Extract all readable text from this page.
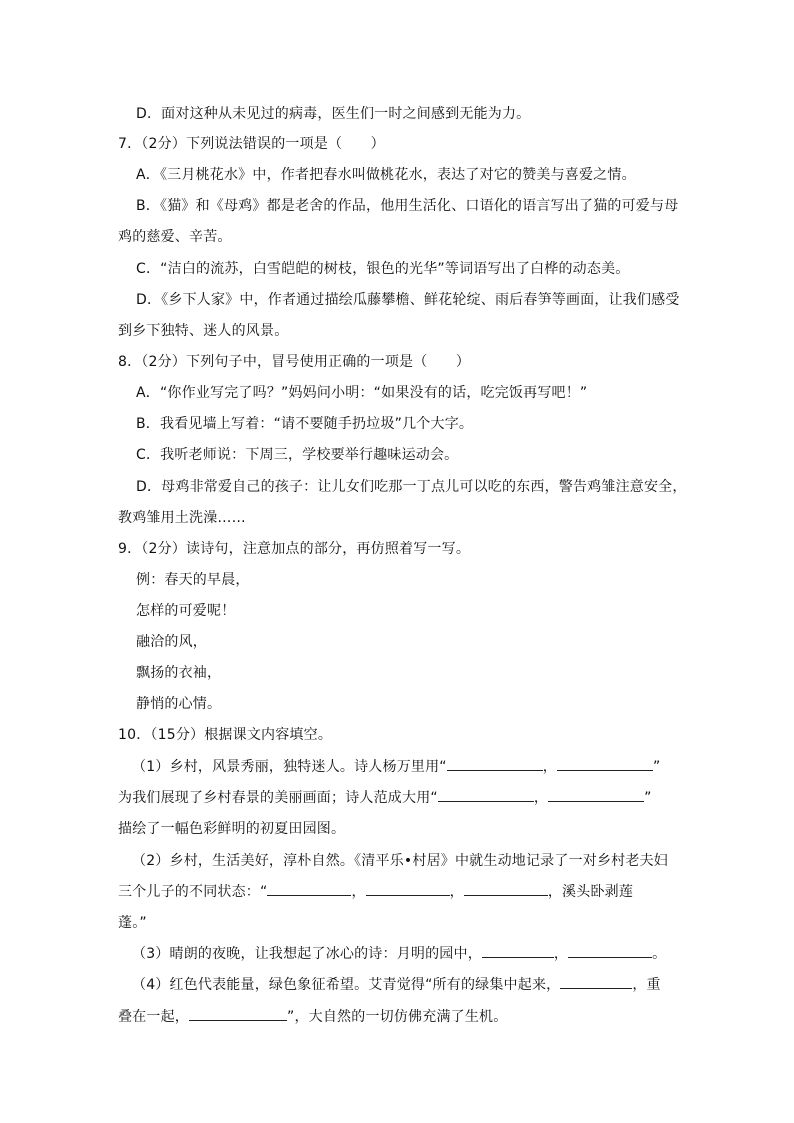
D．面对这种从未见过的病毒，医生们一时之间感到无能为力。
7．（2分）下列说法错误的一项是（　　）
A．《三月桃花水》中，作者把春水叫做桃花水，表达了对它的赞美与喜爱之情。
B．《猫》和《母鸡》都是老舍的作品，他用生活化、口语化的语言写出了猫的可爱与母
鸡的慈爱、辛苦。
C．“洁白的流苏，白雪皑皑的树枝，银色的光华”等词语写出了白桦的动态美。
D．《乡下人家》中，作者通过描绘瓜藤攀檐、鲜花轮绽、雨后春笋等画面，让我们感受
到乡下独特、迷人的风景。
8．（2分）下列句子中，冒号使用正确的一项是（　　）
A．“你作业写完了吗？”妈妈问小明：“如果没有的话，吃完饭再写吧！”
B．我看见墙上写着：“请不要随手扔垃圾”几个大字。
C．我听老师说：下周三，学校要举行趣味运动会。
D．母鸡非常爱自己的孩子：让儿女们吃那一丁点儿可以吃的东西，警告鸡雏注意安全，
教鸡雏用土洗澡……
9．（2分）读诗句，注意加点的部分，再仿照着写一写。
例：春天的早晨，
怎样的可爱呢！
融洽的风，
飘扬的衣袖，
静悄的心情。
10．（15分）根据课文内容填空。
（1）乡村，风景秀丽，独特迷人。诗人杨万里用“	，	”
为我们展现了乡村春景的美丽画面；诗人范成大用“	，	”
描绘了一幅色彩鲜明的初夏田园图。
（2）乡村，生活美好，淳朴自然。《清平乐•村居》中就生动地记录了一对乡村老夫妇
三个儿子的不同状态：“	，	，	，溪头卧剥莲
蓬。”
（3）晴朗的夜晚，让我想起了冰心的诗：月明的园中，	，	。
（4）红色代表能量，绿色象征希望。艾青觉得“所有的绿集中起来，	，重
叠在一起，	”，大自然的一切仿佛充满了生机。
